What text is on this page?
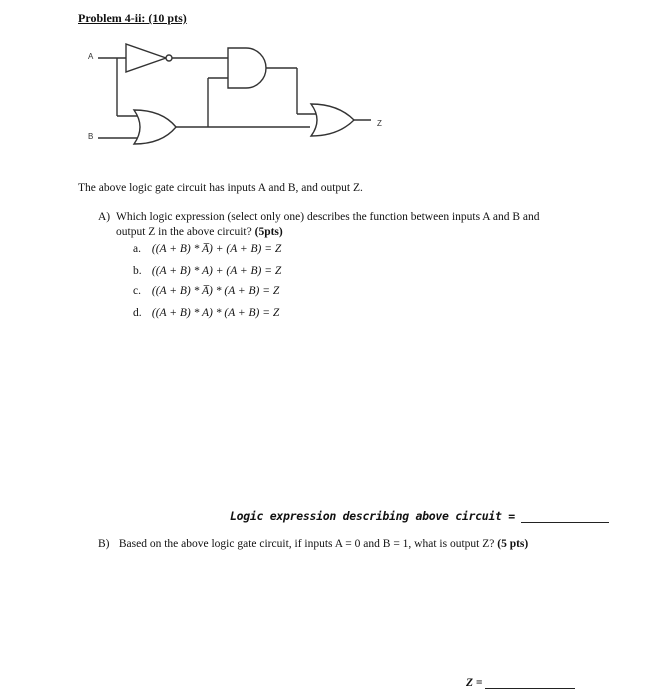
Problem 4-ii: (10 pts)
A
B
Z
The above logic gate circuit has inputs A and B, and output Z.
A) Which logic expression (select only one) describes the function between inputs A and B and output Z in the above circuit? (5pts)
a. ((A + B) * A̅) + (A + B) = Z
b. ((A + B) * A) + (A + B) = Z
c. ((A + B) * A̅) * (A + B) = Z
d. ((A + B) * A) * (A + B) = Z
Logic expression describing above circuit =
B) Based on the above logic gate circuit, if inputs A = 0 and B = 1, what is output Z? (5 pts)
Z =
